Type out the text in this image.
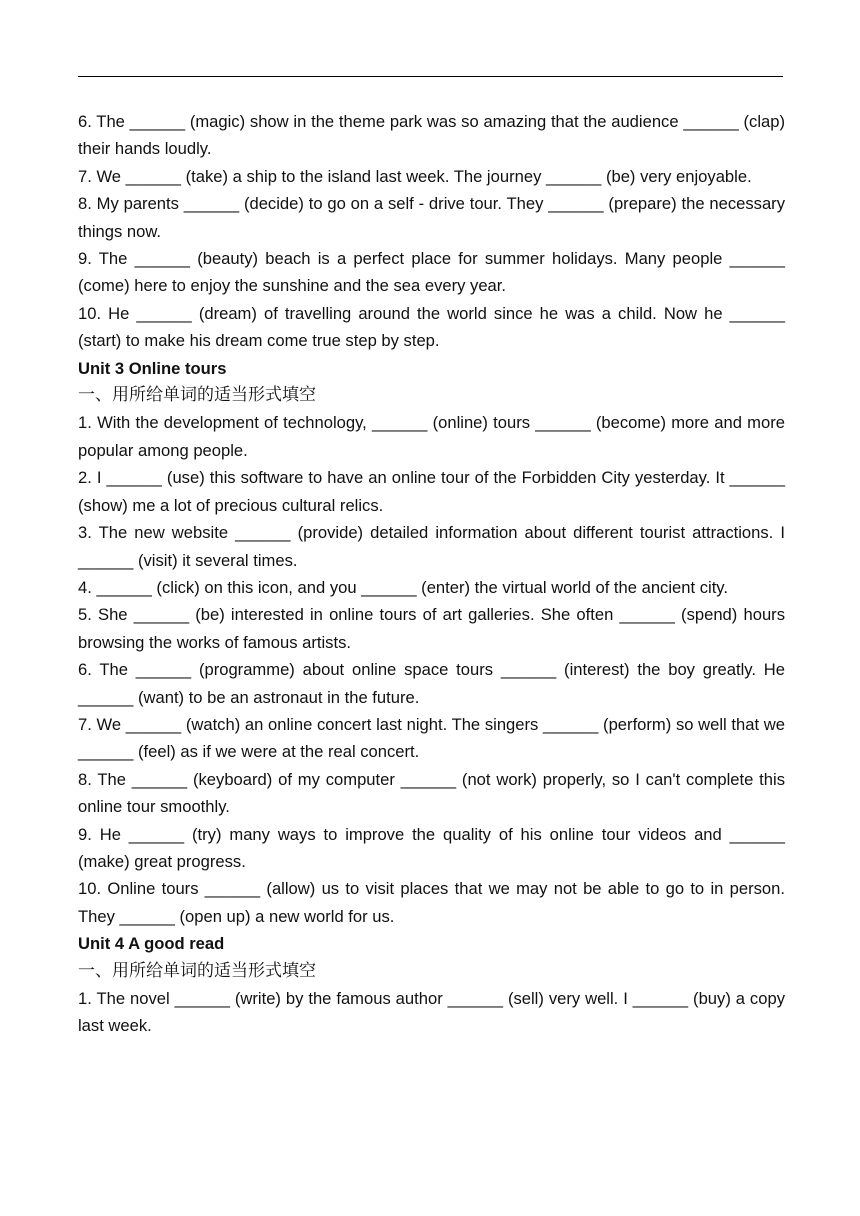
6. The ______ (magic) show in the theme park was so amazing that the audience ______ (clap) their hands loudly.

7. We ______ (take) a ship to the island last week. The journey ______ (be) very enjoyable.

8. My parents ______ (decide) to go on a self - drive tour. They ______ (prepare) the necessary things now.

9. The ______ (beauty) beach is a perfect place for summer holidays. Many people ______ (come) here to enjoy the sunshine and the sea every year.

10. He ______ (dream) of travelling around the world since he was a child. Now he ______ (start) to make his dream come true step by step.

Unit 3 Online tours

一、用所给单词的适当形式填空

1. With the development of technology, ______ (online) tours ______ (become) more and more popular among people.

2. I ______ (use) this software to have an online tour of the Forbidden City yesterday. It ______ (show) me a lot of precious cultural relics.

3. The new website ______ (provide) detailed information about different tourist attractions. I ______ (visit) it several times.

4. ______ (click) on this icon, and you ______ (enter) the virtual world of the ancient city.

5. She ______ (be) interested in online tours of art galleries. She often ______ (spend) hours browsing the works of famous artists.

6. The ______ (programme) about online space tours ______ (interest) the boy greatly. He ______ (want) to be an astronaut in the future.

7. We ______ (watch) an online concert last night. The singers ______ (perform) so well that we ______ (feel) as if we were at the real concert.

8. The ______ (keyboard) of my computer ______ (not work) properly, so I can't complete this online tour smoothly.

9. He ______ (try) many ways to improve the quality of his online tour videos and ______ (make) great progress.

10. Online tours ______ (allow) us to visit places that we may not be able to go to in person. They ______ (open up) a new world for us.

Unit 4 A good read

一、用所给单词的适当形式填空

1. The novel ______ (write) by the famous author ______ (sell) very well. I ______ (buy) a copy last week.
